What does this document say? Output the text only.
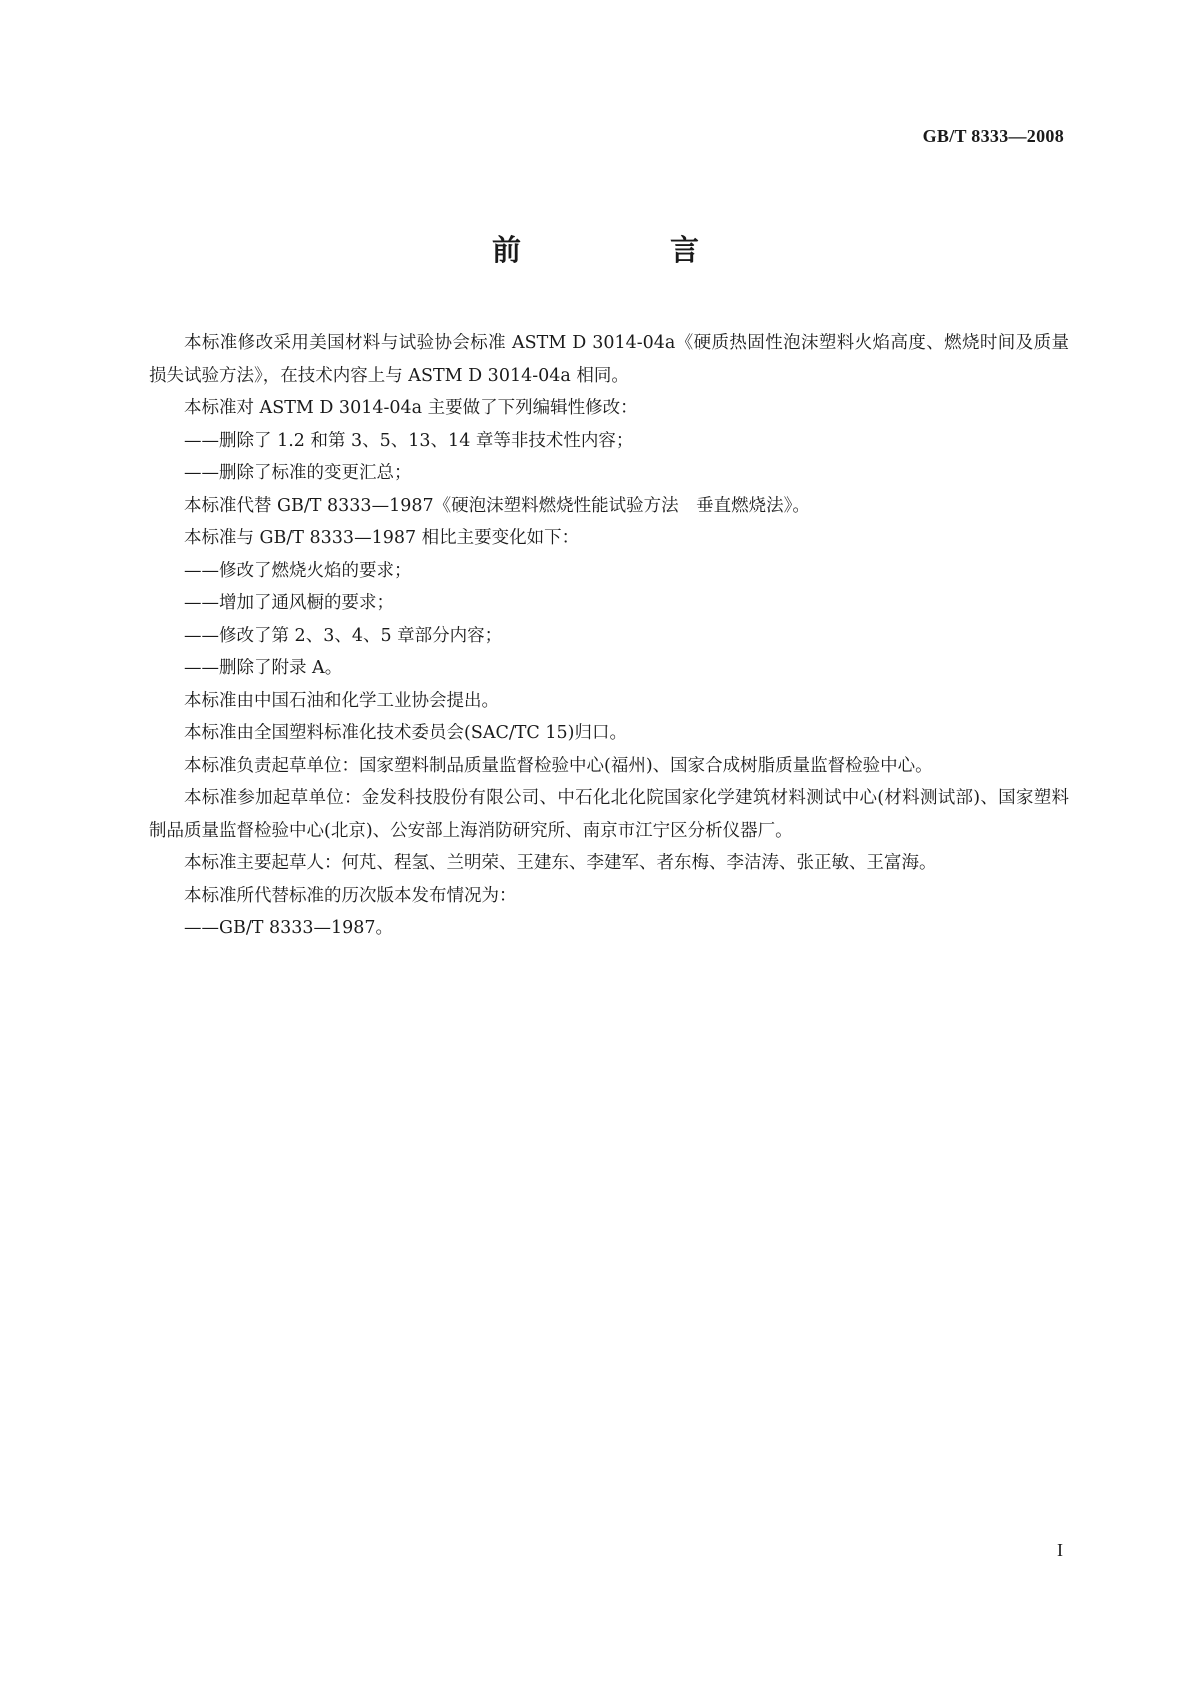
GB/T 8333—2008
前　言

本标准修改采用美国材料与试验协会标准 ASTM D 3014-04a《硬质热固性泡沫塑料火焰高度、燃烧时间及质量损失试验方法》，在技术内容上与 ASTM D 3014-04a 相同。

本标准对 ASTM D 3014-04a 主要做了下列编辑性修改：

——删除了 1.2 和第 3、5、13、14 章等非技术性内容；

——删除了标准的变更汇总；

本标准代替 GB/T 8333—1987《硬泡沫塑料燃烧性能试验方法　垂直燃烧法》。

本标准与 GB/T 8333—1987 相比主要变化如下：

——修改了燃烧火焰的要求；

——增加了通风橱的要求；

——修改了第 2、3、4、5 章部分内容；

——删除了附录 A。

本标准由中国石油和化学工业协会提出。

本标准由全国塑料标准化技术委员会(SAC/TC 15)归口。

本标准负责起草单位：国家塑料制品质量监督检验中心(福州)、国家合成树脂质量监督检验中心。

本标准参加起草单位：金发科技股份有限公司、中石化北化院国家化学建筑材料测试中心(材料测试部)、国家塑料制品质量监督检验中心(北京)、公安部上海消防研究所、南京市江宁区分析仪器厂。

本标准主要起草人：何芃、程氢、兰明荣、王建东、李建军、者东梅、李洁涛、张正敏、王富海。

本标准所代替标准的历次版本发布情况为：

——GB/T 8333—1987。

I
